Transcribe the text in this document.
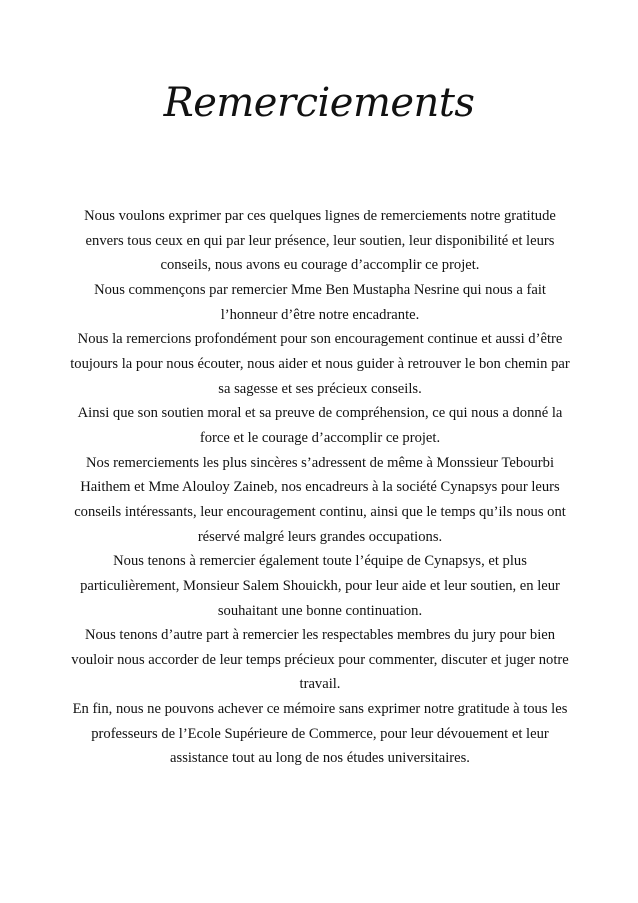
Remerciements

Nous voulons exprimer par ces quelques lignes de remerciements notre gratitude envers tous ceux en qui par leur présence, leur soutien, leur disponibilité et leurs conseils, nous avons eu courage d’accomplir ce projet.

Nous commençons par remercier Mme Ben Mustapha Nesrine qui nous a fait l’honneur d’être notre encadrante.

Nous la remercions profondément pour son encouragement continue et aussi d’être toujours la pour nous écouter, nous aider et nous guider à retrouver le bon chemin par sa sagesse et ses précieux conseils.

Ainsi que son soutien moral et sa preuve de compréhension, ce qui nous a donné la force et le courage d’accomplir ce projet.

Nos remerciements les plus sincères s’adressent de même à Monssieur Tebourbi Haithem et Mme Alouloy Zaineb, nos encadreurs à la société Cynapsys pour leurs conseils intéressants, leur encouragement continu, ainsi que le temps qu’ils nous ont réservé malgré leurs grandes occupations.

Nous tenons à remercier également toute l’équipe de Cynapsys, et plus particulièrement, Monsieur Salem Shouickh, pour leur aide et leur soutien, en leur souhaitant une bonne continuation.

Nous tenons d’autre part à remercier les respectables membres du jury pour bien vouloir nous accorder de leur temps précieux pour commenter, discuter et juger notre travail.

En fin, nous ne pouvons achever ce mémoire sans exprimer notre gratitude à tous les professeurs de l’Ecole Supérieure de Commerce, pour leur dévouement et leur assistance tout au long de nos études universitaires.
